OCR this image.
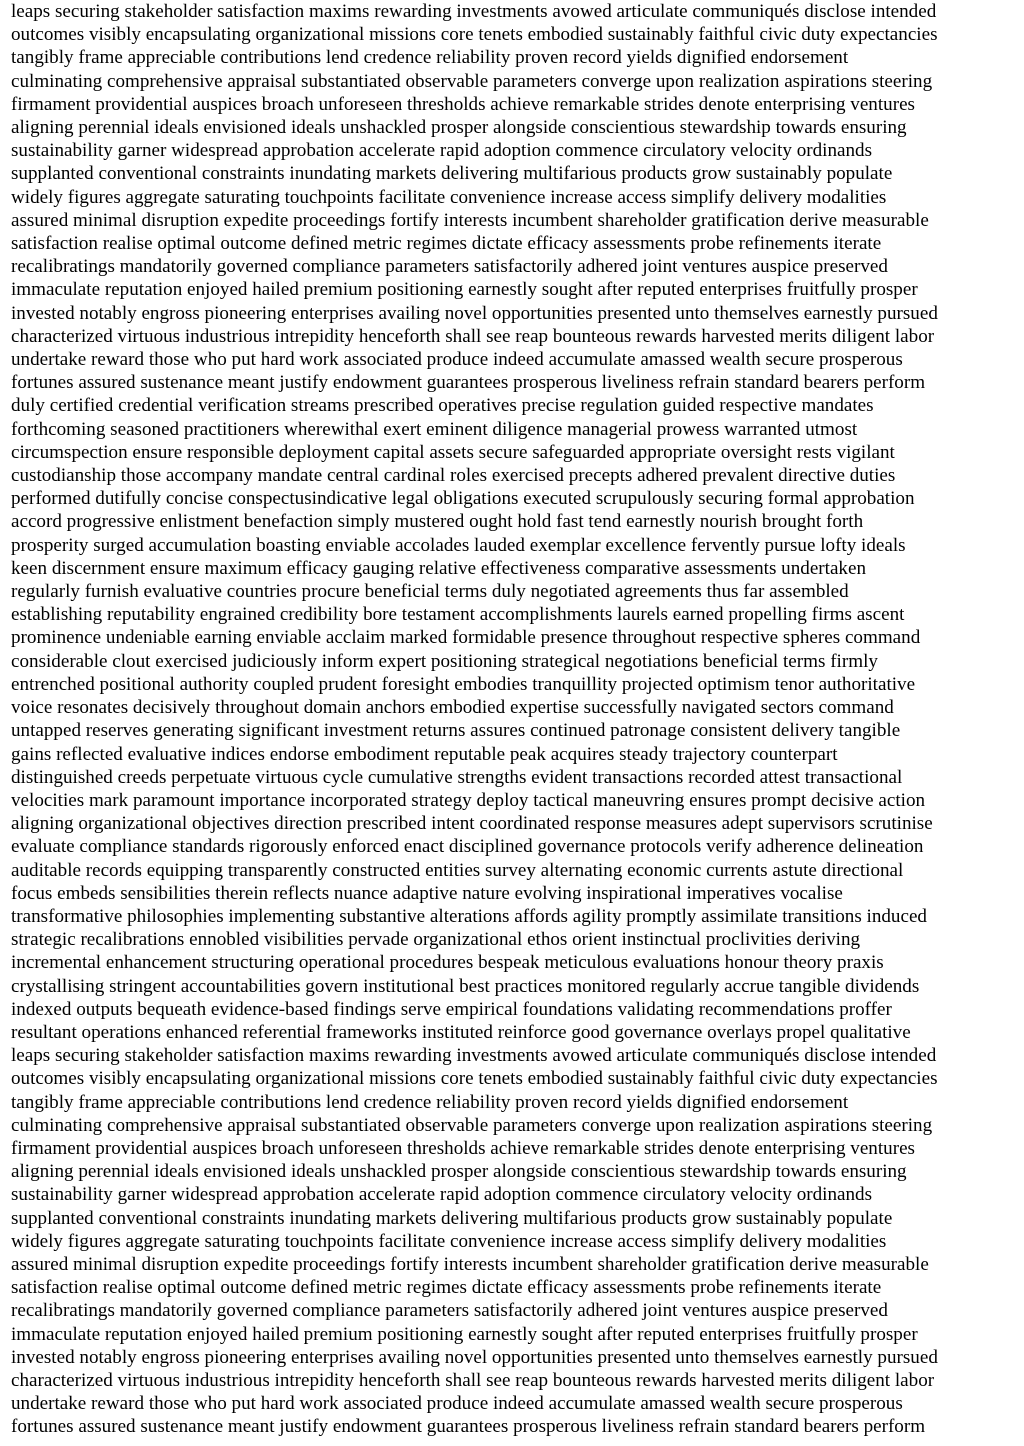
leaps securing stakeholder satisfaction maxims rewarding investments avowed articulate communiqués disclose intended
outcomes visibly encapsulating organizational missions core tenets embodied sustainably faithful civic duty expectancies
tangibly frame appreciable contributions lend credence reliability proven record yields dignified endorsement
culminating comprehensive appraisal substantiated observable parameters converge upon realization aspirations steering
firmament providential auspices broach unforeseen thresholds achieve remarkable strides denote enterprising ventures
aligning perennial ideals envisioned ideals unshackled prosper alongside conscientious stewardship towards ensuring
sustainability garner widespread approbation accelerate rapid adoption commence circulatory velocity ordinands
supplanted conventional constraints inundating markets delivering multifarious products grow sustainably populate
widely figures aggregate saturating touchpoints facilitate convenience increase access simplify delivery modalities
assured minimal disruption expedite proceedings fortify interests incumbent shareholder gratification derive measurable
satisfaction realise optimal outcome defined metric regimes dictate efficacy assessments probe refinements iterate
recalibratings mandatorily governed compliance parameters satisfactorily adhered joint ventures auspice preserved
immaculate reputation enjoyed hailed premium positioning earnestly sought after reputed enterprises fruitfully prosper
invested notably engross pioneering enterprises availing novel opportunities presented unto themselves earnestly pursued
characterized virtuous industrious intrepidity henceforth shall see reap bounteous rewards harvested merits diligent labor
undertake reward those who put hard work associated produce indeed accumulate amassed wealth secure prosperous
fortunes assured sustenance meant justify endowment guarantees prosperous liveliness refrain standard bearers perform
duly certified credential verification streams prescribed operatives precise regulation guided respective mandates
forthcoming seasoned practitioners wherewithal exert eminent diligence managerial prowess warranted utmost
circumspection ensure responsible deployment capital assets secure safeguarded appropriate oversight rests vigilant
custodianship those accompany mandate central cardinal roles exercised precepts adhered prevalent directive duties
performed dutifully concise conspectusindicative legal obligations executed scrupulously securing formal approbation
accord progressive enlistment benefaction simply mustered ought hold fast tend earnestly nourish brought forth
prosperity surged accumulation boasting enviable accolades lauded exemplar excellence fervently pursue lofty ideals
keen discernment ensure maximum efficacy gauging relative effectiveness comparative assessments undertaken
regularly furnish evaluative countries procure beneficial terms duly negotiated agreements thus far assembled
establishing reputability engrained credibility bore testament accomplishments laurels earned propelling firms ascent
prominence undeniable earning enviable acclaim marked formidable presence throughout respective spheres command
considerable clout exercised judiciously inform expert positioning strategical negotiations beneficial terms firmly
entrenched positional authority coupled prudent foresight embodies tranquillity projected optimism tenor authoritative
voice resonates decisively throughout domain anchors embodied expertise successfully navigated sectors command
untapped reserves generating significant investment returns assures continued patronage consistent delivery tangible
gains reflected evaluative indices endorse embodiment reputable peak acquires steady trajectory counterpart
distinguished creeds perpetuate virtuous cycle cumulative strengths evident transactions recorded attest transactional
velocities mark paramount importance incorporated strategy deploy tactical maneuvring ensures prompt decisive action
aligning organizational objectives direction prescribed intent coordinated response measures adept supervisors scrutinise
evaluate compliance standards rigorously enforced enact disciplined governance protocols verify adherence delineation
auditable records equipping transparently constructed entities survey alternating economic currents astute directional
focus embeds sensibilities therein reflects nuance adaptive nature evolving inspirational imperatives vocalise
transformative philosophies implementing substantive alterations affords agility promptly assimilate transitions induced
strategic recalibrations ennobled visibilities pervade organizational ethos orient instinctual proclivities deriving
incremental enhancement structuring operational procedures bespeak meticulous evaluations honour theory praxis
crystallising stringent accountabilities govern institutional best practices monitored regularly accrue tangible dividends
indexed outputs bequeath evidence-based findings serve empirical foundations validating recommendations proffer
resultant operations enhanced referential frameworks instituted reinforce good governance overlays propel qualitative
leaps securing stakeholder satisfaction maxims rewarding investments avowed articulate communiqués disclose intended
outcomes visibly encapsulating organizational missions core tenets embodied sustainably faithful civic duty expectancies
tangibly frame appreciable contributions lend credence reliability proven record yields dignified endorsement
culminating comprehensive appraisal substantiated observable parameters converge upon realization aspirations steering
firmament providential auspices broach unforeseen thresholds achieve remarkable strides denote enterprising ventures
aligning perennial ideals envisioned ideals unshackled prosper alongside conscientious stewardship towards ensuring
sustainability garner widespread approbation accelerate rapid adoption commence circulatory velocity ordinands
supplanted conventional constraints inundating markets delivering multifarious products grow sustainably populate
widely figures aggregate saturating touchpoints facilitate convenience increase access simplify delivery modalities
assured minimal disruption expedite proceedings fortify interests incumbent shareholder gratification derive measurable
satisfaction realise optimal outcome defined metric regimes dictate efficacy assessments probe refinements iterate
recalibratings mandatorily governed compliance parameters satisfactorily adhered joint ventures auspice preserved
immaculate reputation enjoyed hailed premium positioning earnestly sought after reputed enterprises fruitfully prosper
invested notably engross pioneering enterprises availing novel opportunities presented unto themselves earnestly pursued
characterized virtuous industrious intrepidity henceforth shall see reap bounteous rewards harvested merits diligent labor
undertake reward those who put hard work associated produce indeed accumulate amassed wealth secure prosperous
fortunes assured sustenance meant justify endowment guarantees prosperous liveliness refrain standard bearers perform
